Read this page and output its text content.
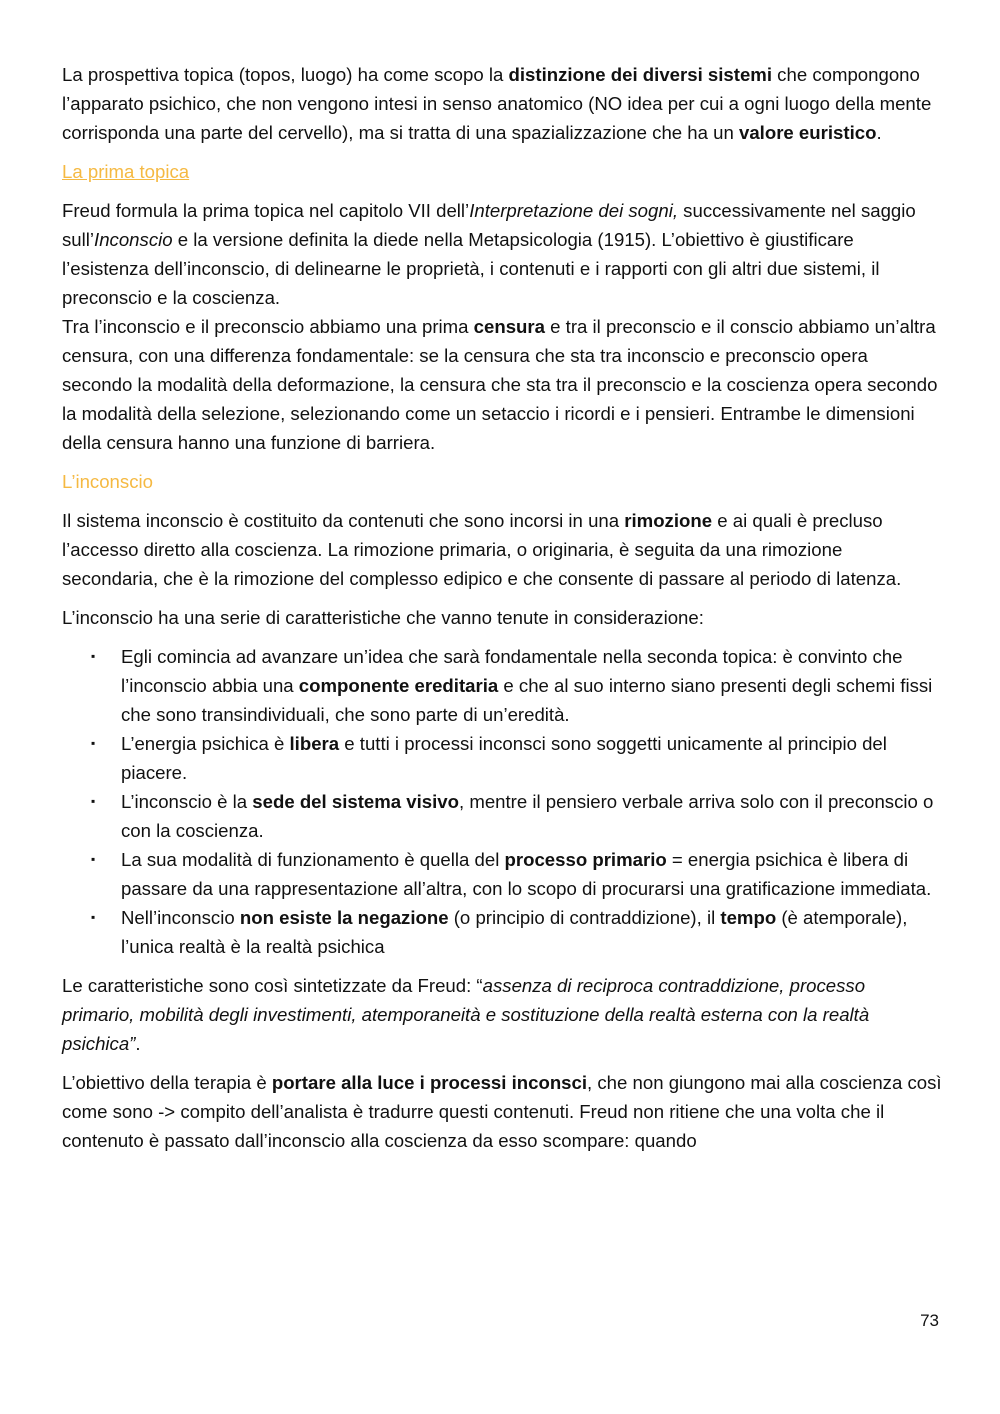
La prospettiva topica (topos, luogo) ha come scopo la distinzione dei diversi sistemi che compongono l’apparato psichico, che non vengono intesi in senso anatomico (NO idea per cui a ogni luogo della mente corrisponda una parte del cervello), ma si tratta di una spazializzazione che ha un valore euristico.

La prima topica

Freud formula la prima topica nel capitolo VII dell’Interpretazione dei sogni, successivamente nel saggio sull’Inconscio e la versione definita la diede nella Metapsicologia (1915). L’obiettivo è giustificare l’esistenza dell’inconscio, di delinearne le proprietà, i contenuti e i rapporti con gli altri due sistemi, il preconscio e la coscienza.

Tra l’inconscio e il preconscio abbiamo una prima censura e tra il preconscio e il conscio abbiamo un’altra censura, con una differenza fondamentale: se la censura che sta tra inconscio e preconscio opera secondo la modalità della deformazione, la censura che sta tra il preconscio e la coscienza opera secondo la modalità della selezione, selezionando come un setaccio i ricordi e i pensieri. Entrambe le dimensioni della censura hanno una funzione di barriera.

L’inconscio

Il sistema inconscio è costituito da contenuti che sono incorsi in una rimozione e ai quali è precluso l’accesso diretto alla coscienza. La rimozione primaria, o originaria, è seguita da una rimozione secondaria, che è la rimozione del complesso edipico e che consente di passare al periodo di latenza.

L’inconscio ha una serie di caratteristiche che vanno tenute in considerazione:

▪ Egli comincia ad avanzare un’idea che sarà fondamentale nella seconda topica: è convinto che l’inconscio abbia una componente ereditaria e che al suo interno siano presenti degli schemi fissi che sono transindividuali, che sono parte di un’eredità.
▪ L’energia psichica è libera e tutti i processi inconsci sono soggetti unicamente al principio del piacere.
▪ L’inconscio è la sede del sistema visivo, mentre il pensiero verbale arriva solo con il preconscio o con la coscienza.
▪ La sua modalità di funzionamento è quella del processo primario = energia psichica è libera di passare da una rappresentazione all’altra, con lo scopo di procurarsi una gratificazione immediata.
▪ Nell’inconscio non esiste la negazione (o principio di contraddizione), il tempo (è atemporale), l’unica realtà è la realtà psichica

Le caratteristiche sono così sintetizzate da Freud: “assenza di reciproca contraddizione, processo primario, mobilità degli investimenti, atemporaneità e sostituzione della realtà esterna con la realtà psichica”.

L’obiettivo della terapia è portare alla luce i processi inconsci, che non giungono mai alla coscienza così come sono -> compito dell’analista è tradurre questi contenuti. Freud non ritiene che una volta che il contenuto è passato dall’inconscio alla coscienza da esso scompare: quando

73
